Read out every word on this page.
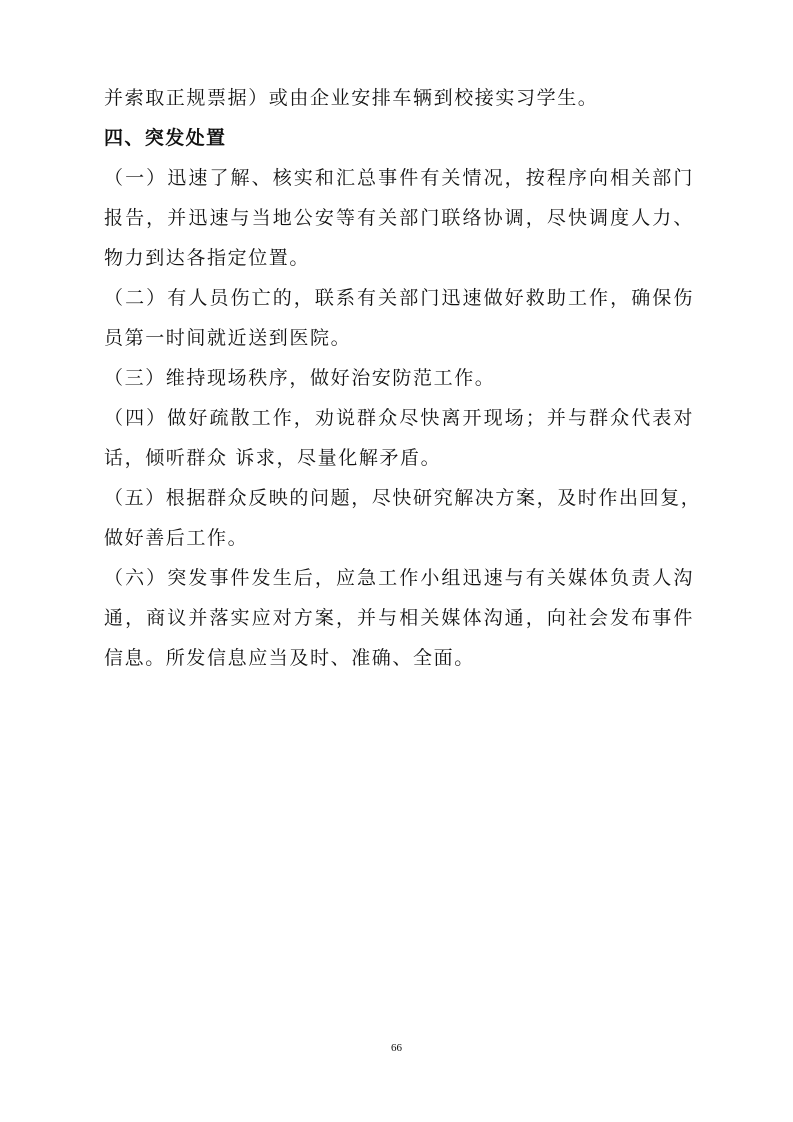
并索取正规票据）或由企业安排车辆到校接实习学生。
四、突发处置
（一）迅速了解、核实和汇总事件有关情况，按程序向相关部门
报告，并迅速与当地公安等有关部门联络协调，尽快调度人力、
物力到达各指定位置。
（二）有人员伤亡的，联系有关部门迅速做好救助工作，确保伤
员第一时间就近送到医院。
（三）维持现场秩序，做好治安防范工作。
（四）做好疏散工作，劝说群众尽快离开现场；并与群众代表对
话，倾听群众 诉求，尽量化解矛盾。
（五）根据群众反映的问题，尽快研究解决方案，及时作出回复，
做好善后工作。
（六）突发事件发生后，应急工作小组迅速与有关媒体负责人沟
通，商议并落实应对方案，并与相关媒体沟通，向社会发布事件
信息。所发信息应当及时、准确、全面。
66
